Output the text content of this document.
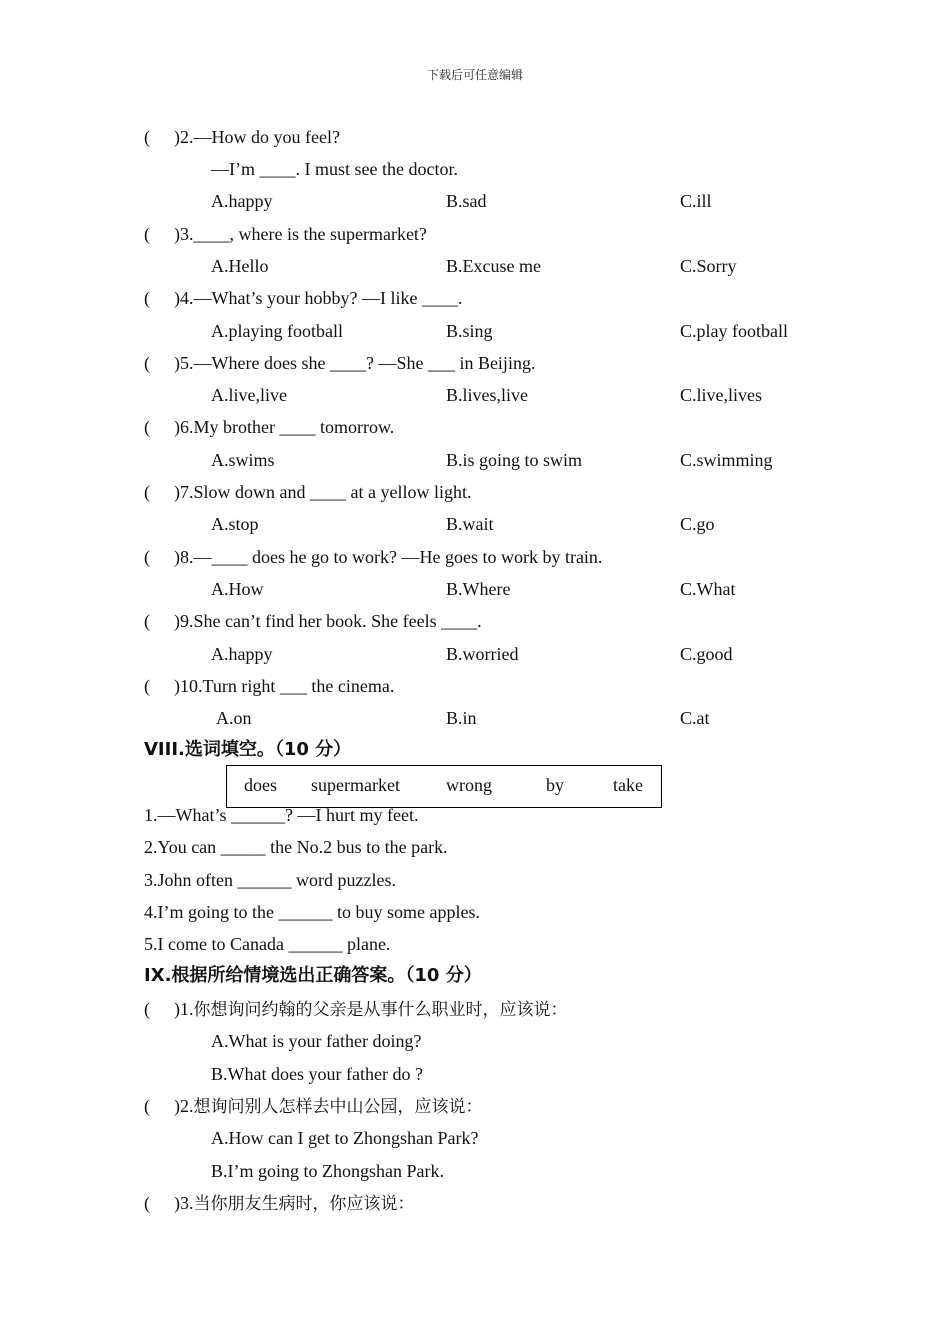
下载后可任意编辑
( )2.—How do you feel?
—I’m ____. I must see the doctor.
A.happy	B.sad	C.ill
( )3.____, where is the supermarket?
A.Hello	B.Excuse me	C.Sorry
( )4.—What’s your hobby? —I like ____.
A.playing football	B.sing	C.play football
( )5.—Where does she ____? —She ___ in Beijing.
A.live,live	B.lives,live	C.live,lives
( )6.My brother ____ tomorrow.
A.swims	B.is going to swim	C.swimming
( )7.Slow down and ____ at a yellow light.
A.stop	B.wait	C.go
( )8.—____ does he go to work? —He goes to work by train.
A.How	B.Where	C.What
( )9.She can’t find her book. She feels ____.
A.happy	B.worried	C.good
( )10.Turn right ___ the cinema.
A.on	B.in	C.at
VIII.选词填空。（10 分）
does supermarket	wrong	by	take
1.—What’s ______? —I hurt my feet.
2.You can _____ the No.2 bus to the park.
3.John often ______ word puzzles.
4.I’m going to the ______ to buy some apples.
5.I come to Canada ______ plane.
IX.根据所给情境选出正确答案。（10 分）
( )1.你想询问约翰的父亲是从事什么职业时，应该说：
A.What is your father doing?
B.What does your father do ?
( )2.想询问别人怎样去中山公园，应该说：
A.How can I get to Zhongshan Park?
B.I’m going to Zhongshan Park.
( )3.当你朋友生病时，你应该说：
